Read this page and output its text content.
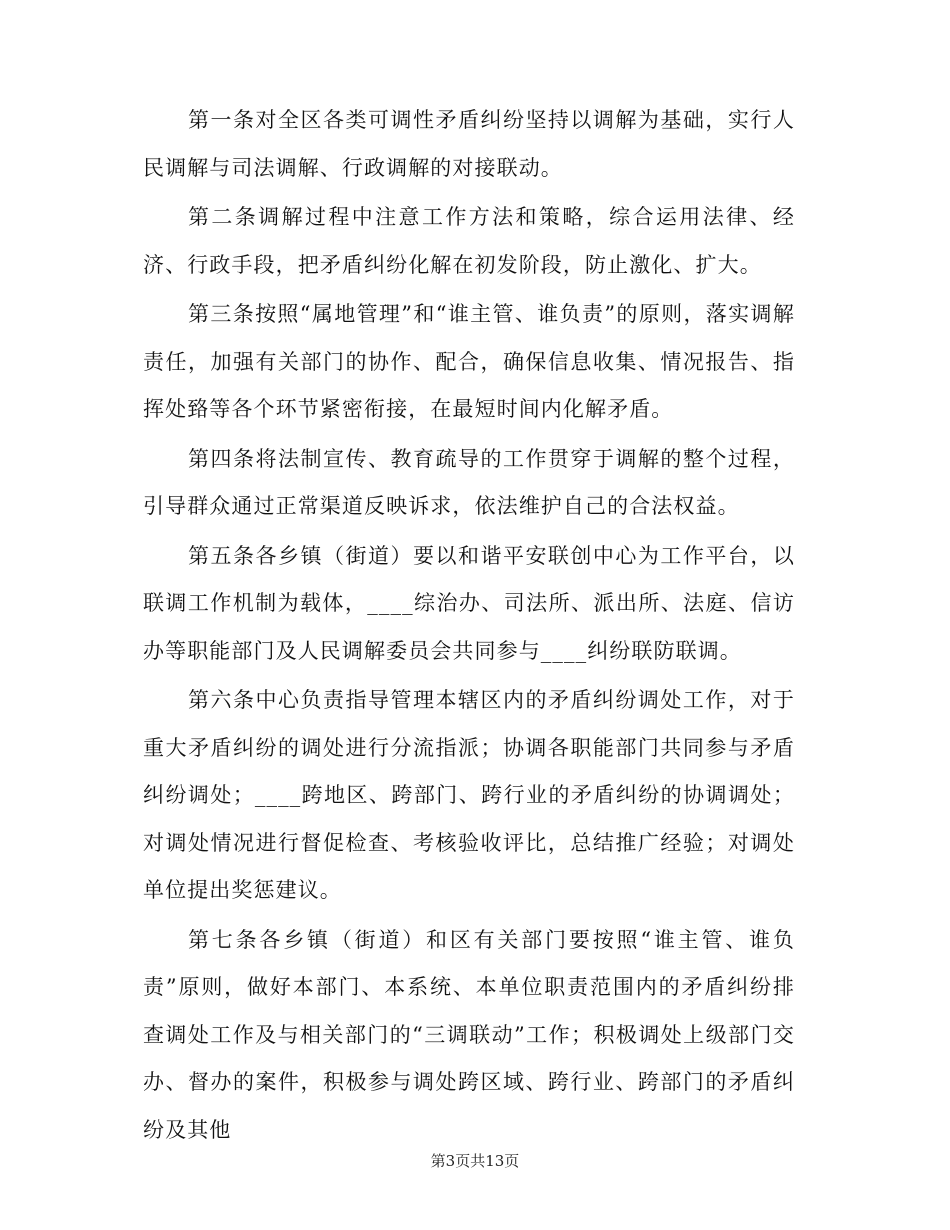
第一条对全区各类可调性矛盾纠纷坚持以调解为基础，实行人民调解与司法调解、行政调解的对接联动。

第二条调解过程中注意工作方法和策略，综合运用法律、经济、行政手段，把矛盾纠纷化解在初发阶段，防止激化、扩大。

第三条按照“属地管理”和“谁主管、谁负责”的原则，落实调解责任，加强有关部门的协作、配合，确保信息收集、情况报告、指挥处臵等各个环节紧密衔接，在最短时间内化解矛盾。

第四条将法制宣传、教育疏导的工作贯穿于调解的整个过程，引导群众通过正常渠道反映诉求，依法维护自己的合法权益。

第五条各乡镇（街道）要以和谐平安联创中心为工作平台，以联调工作机制为载体，____综治办、司法所、派出所、法庭、信访办等职能部门及人民调解委员会共同参与____纠纷联防联调。

第六条中心负责指导管理本辖区内的矛盾纠纷调处工作，对于重大矛盾纠纷的调处进行分流指派；协调各职能部门共同参与矛盾纠纷调处；____跨地区、跨部门、跨行业的矛盾纠纷的协调调处；对调处情况进行督促检查、考核验收评比，总结推广经验；对调处单位提出奖惩建议。

第七条各乡镇（街道）和区有关部门要按照“谁主管、谁负责”原则，做好本部门、本系统、本单位职责范围内的矛盾纠纷排查调处工作及与相关部门的“三调联动”工作；积极调处上级部门交办、督办的案件，积极参与调处跨区域、跨行业、跨部门的矛盾纠纷及其他

第3页共13页
